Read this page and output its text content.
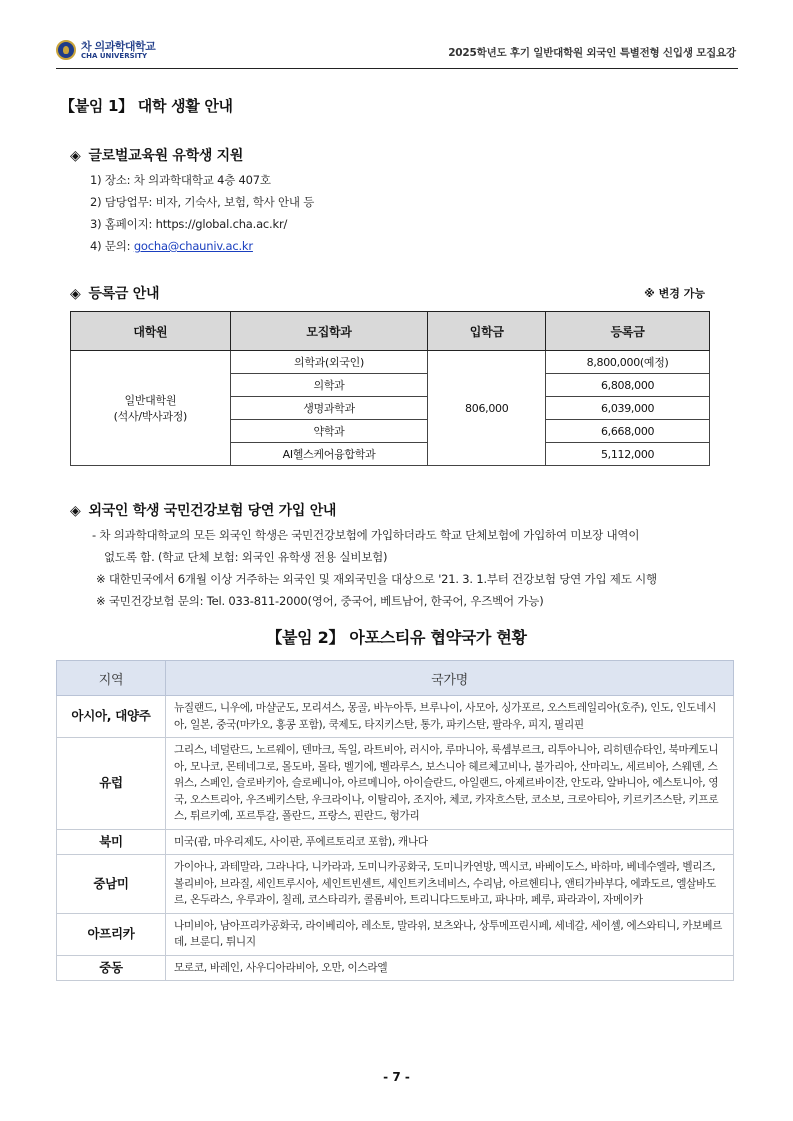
차 의과학대학교
CHA UNIVERSITY	2025학년도 후기 일반대학원 외국인 특별전형 신입생 모집요강
【붙임 1】 대학 생활 안내
◈ 글로벌교육원 유학생 지원
1) 장소: 차 의과학대학교 4층 407호
2) 담당업무: 비자, 기숙사, 보험, 학사 안내 등
3) 홈페이지: https://global.cha.ac.kr/
4) 문의: gocha@chauniv.ac.kr
◈ 등록금 안내	※ 변경 가능
대학원	모집학과	입학금	등록금
일반대학원
(석사/박사과정)	의학과(외국인)	806,000	8,800,000(예정)
	의학과		6,808,000
	생명과학과		6,039,000
	약학과		6,668,000
	AI헬스케어융합학과		5,112,000
◈ 외국인 학생 국민건강보험 당연 가입 안내
- 차 의과학대학교의 모든 외국인 학생은 국민건강보험에 가입하더라도 학교 단체보험에 가입하여 미보장 내역이
없도록 함. (학교 단체 보험: 외국인 유학생 전용 실비보험)
※ 대한민국에서 6개월 이상 거주하는 외국인 및 재외국민을 대상으로 '21. 3. 1.부터 건강보험 당연 가입 제도 시행
※ 국민건강보험 문의: Tel. 033-811-2000(영어, 중국어, 베트남어, 한국어, 우즈벡어 가능)
【붙임 2】 아포스티유 협약국가 현황
지역	국가명
아시아, 대양주	뉴질랜드, 니우에, 마샬군도, 모리셔스, 몽골, 바누아투, 브루나이, 사모아, 싱가포르, 오스트레일리아(호주), 인도, 인도네시아, 일본, 중국(마카오, 홍콩 포함), 쿡제도, 타지키스탄, 통가, 파키스탄, 팔라우, 피지, 필리핀
유럽	그리스, 네덜란드, 노르웨이, 덴마크, 독일, 라트비아, 러시아, 루마니아, 룩셈부르크, 리투아니아, 리히텐슈타인, 북마케도니아, 모나코, 몬테네그로, 몰도바, 몰타, 벨기에, 벨라루스, 보스니아 헤르체고비나, 불가리아, 산마리노, 세르비아, 스웨덴, 스위스, 스페인, 슬로바키아, 슬로베니아, 아르메니아, 아이슬란드, 아일랜드, 아제르바이잔, 안도라, 알바니아, 에스토니아, 영국, 오스트리아, 우즈베키스탄, 우크라이나, 이탈리아, 조지아, 체코, 카자흐스탄, 코소보, 크로아티아, 키르키즈스탄, 키프로스, 튀르키예, 포르투갈, 폴란드, 프랑스, 핀란드, 헝가리
북미	미국(괌, 마우리제도, 사이판, 푸에르토리코 포함), 캐나다
중남미	가이아나, 과테말라, 그라나다, 니카라과, 도미니카공화국, 도미니카연방, 멕시코, 바베이도스, 바하마, 베네수엘라, 벨리즈, 볼리비아, 브라질, 세인트루시아, 세인트빈센트, 세인트키츠네비스, 수리남, 아르헨티나, 앤티가바부다, 에콰도르, 엘살바도르, 온두라스, 우루과이, 칠레, 코스타리카, 콜롬비아, 트리니다드토바고, 파나마, 페루, 파라과이, 자메이카
아프리카	나미비아, 남아프리카공화국, 라이베리아, 레소토, 말라위, 보츠와나, 상투메프린시페, 세네갈, 세이셸, 에스와티니, 카보베르데, 브룬디, 튀니지
중동	모로코, 바레인, 사우디아라비아, 오만, 이스라엘
- 7 -
